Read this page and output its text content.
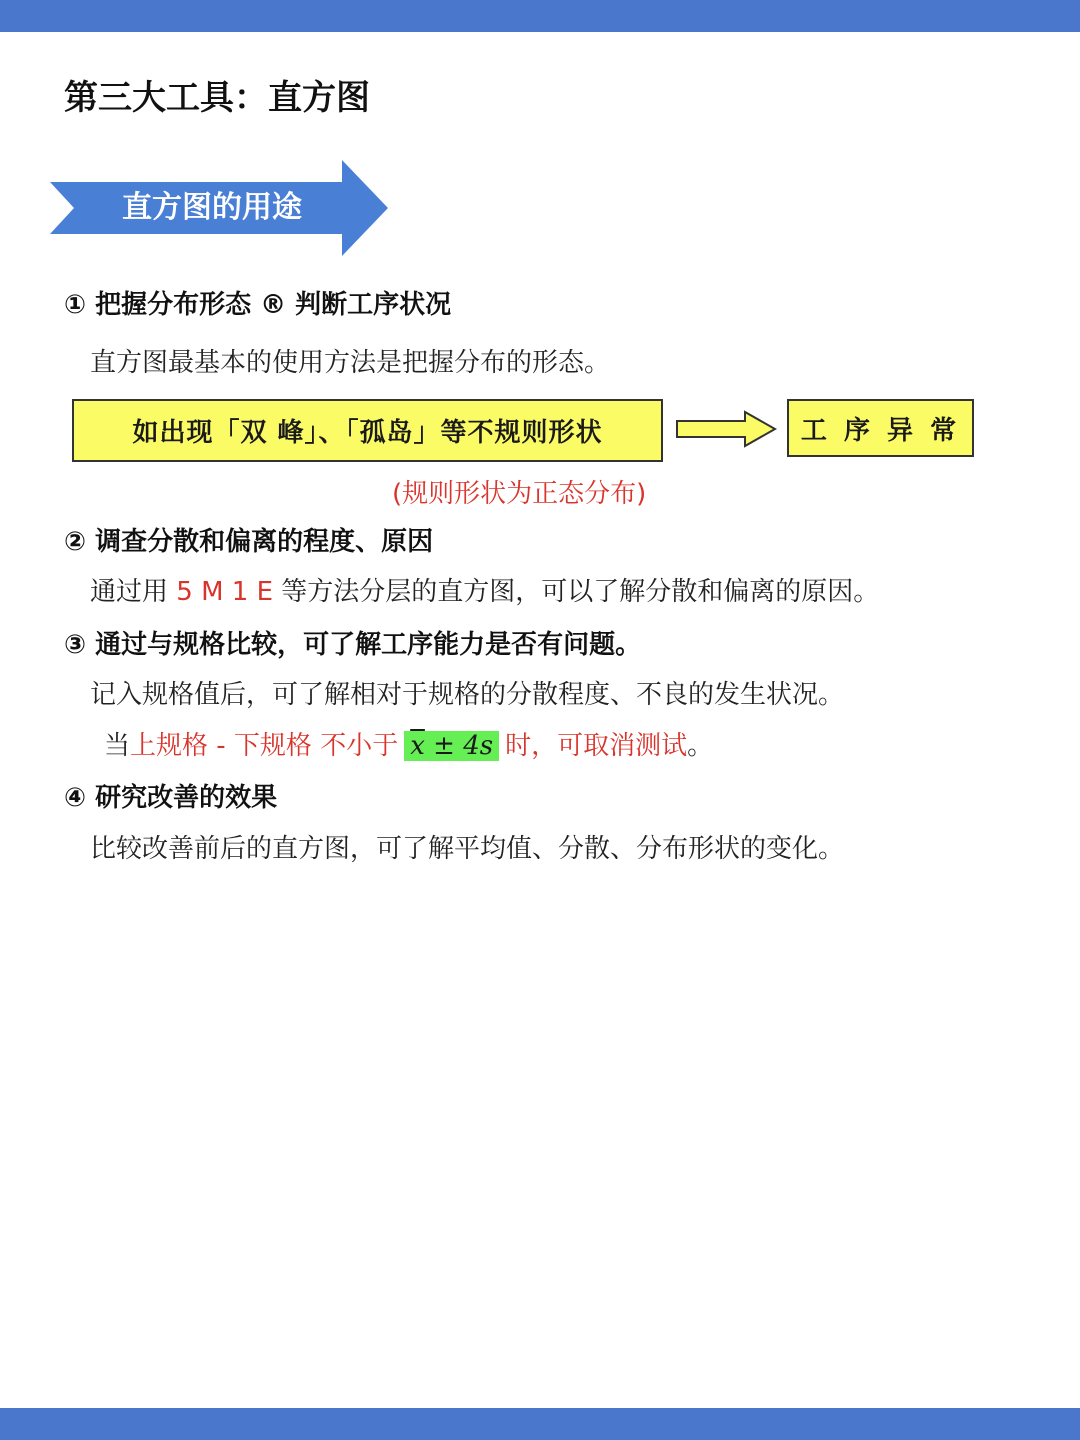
第三大工具：直方图
直方图的用途
① 把握分布形态 ® 判断工序状况
直方图最基本的使用方法是把握分布的形态。
如出现「双 峰」、「孤岛」等不规则形状	工 序 异 常
(规则形状为正态分布)
② 调查分散和偏离的程度、原因
通过用 5 M 1 E 等方法分层的直方图，可以了解分散和偏离的原因。
③ 通过与规格比较，可了解工序能力是否有问题。
记入规格值后，可了解相对于规格的分散程度、不良的发生状况。
当上规格 - 下规格 不小于 $\overline{x} \pm 4s$ 时，可取消测试。
④ 研究改善的效果
比较改善前后的直方图，可了解平均值、分散、分布形状的变化。
